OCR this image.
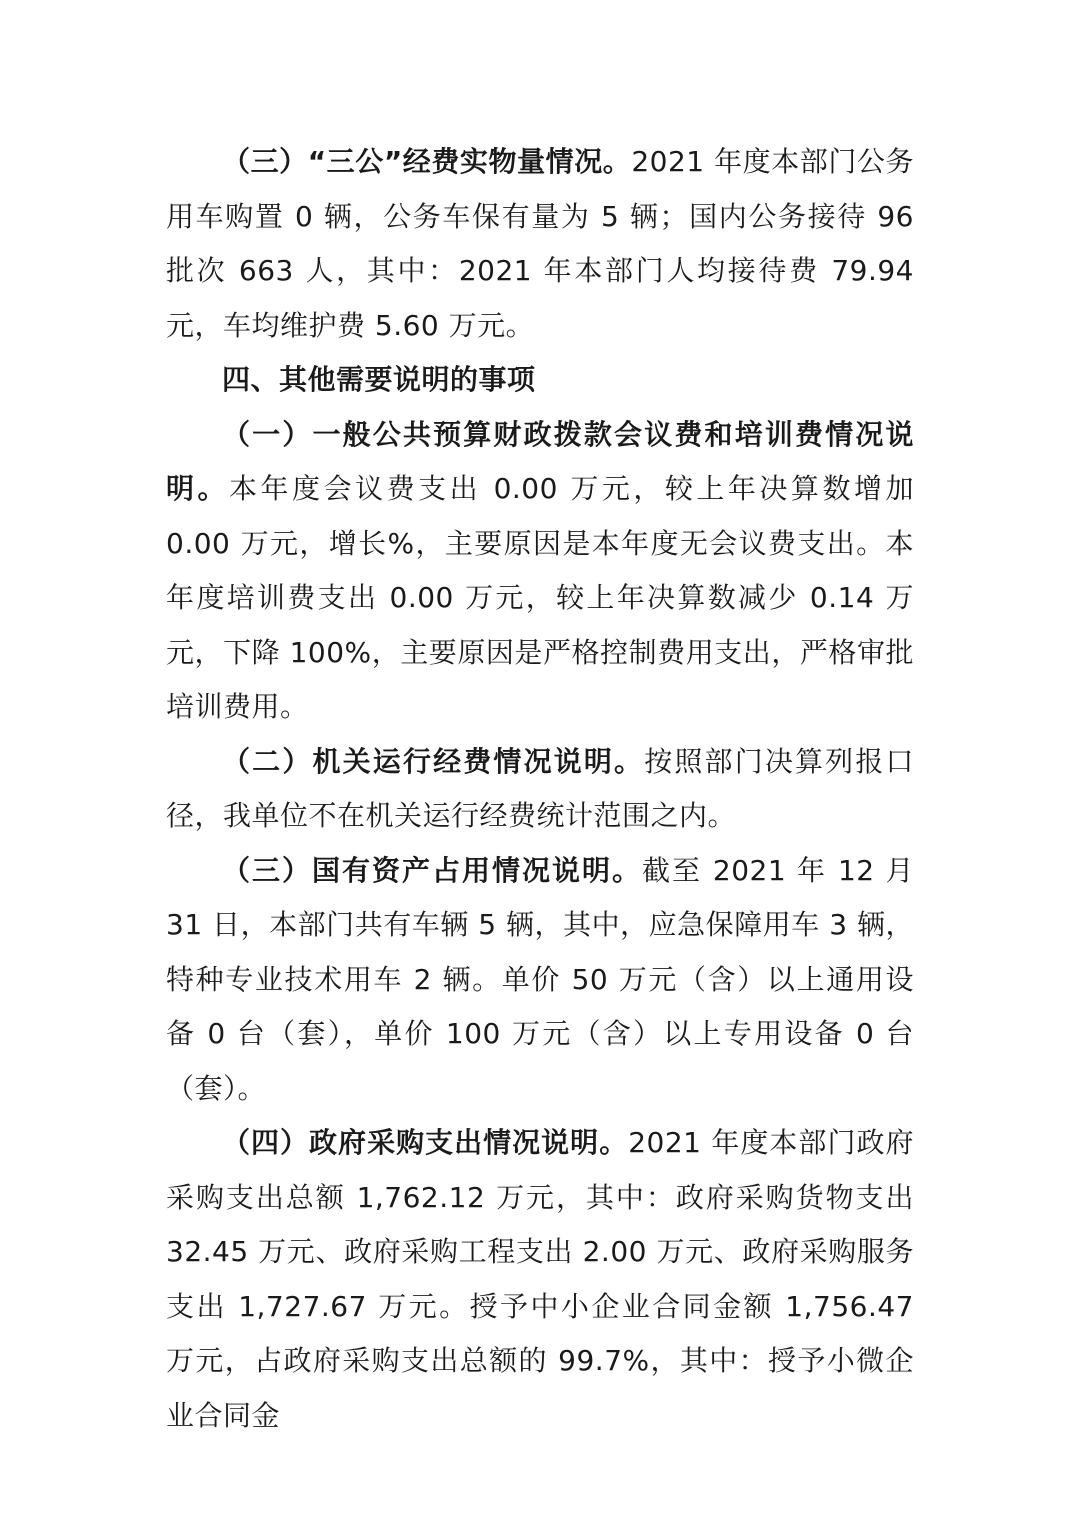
（三）“三公”经费实物量情况。2021 年度本部门公务用车购置 0 辆，公务车保有量为 5 辆；国内公务接待 96 批次 663 人，其中：2021 年本部门人均接待费 79.94 元，车均维护费 5.60 万元。

四、其他需要说明的事项

（一）一般公共预算财政拨款会议费和培训费情况说明。本年度会议费支出 0.00 万元，较上年决算数增加 0.00 万元，增长%，主要原因是本年度无会议费支出。本年度培训费支出 0.00 万元，较上年决算数减少 0.14 万元，下降 100%，主要原因是严格控制费用支出，严格审批培训费用。

（二）机关运行经费情况说明。按照部门决算列报口径，我单位不在机关运行经费统计范围之内。

（三）国有资产占用情况说明。截至 2021 年 12 月 31 日，本部门共有车辆 5 辆，其中，应急保障用车 3 辆，特种专业技术用车 2 辆。单价 50 万元（含）以上通用设备 0 台（套），单价 100 万元（含）以上专用设备 0 台（套）。

（四）政府采购支出情况说明。2021 年度本部门政府采购支出总额 1,762.12 万元，其中：政府采购货物支出 32.45 万元、政府采购工程支出 2.00 万元、政府采购服务支出 1,727.67 万元。授予中小企业合同金额 1,756.47 万元，占政府采购支出总额的 99.7%，其中：授予小微企业合同金
